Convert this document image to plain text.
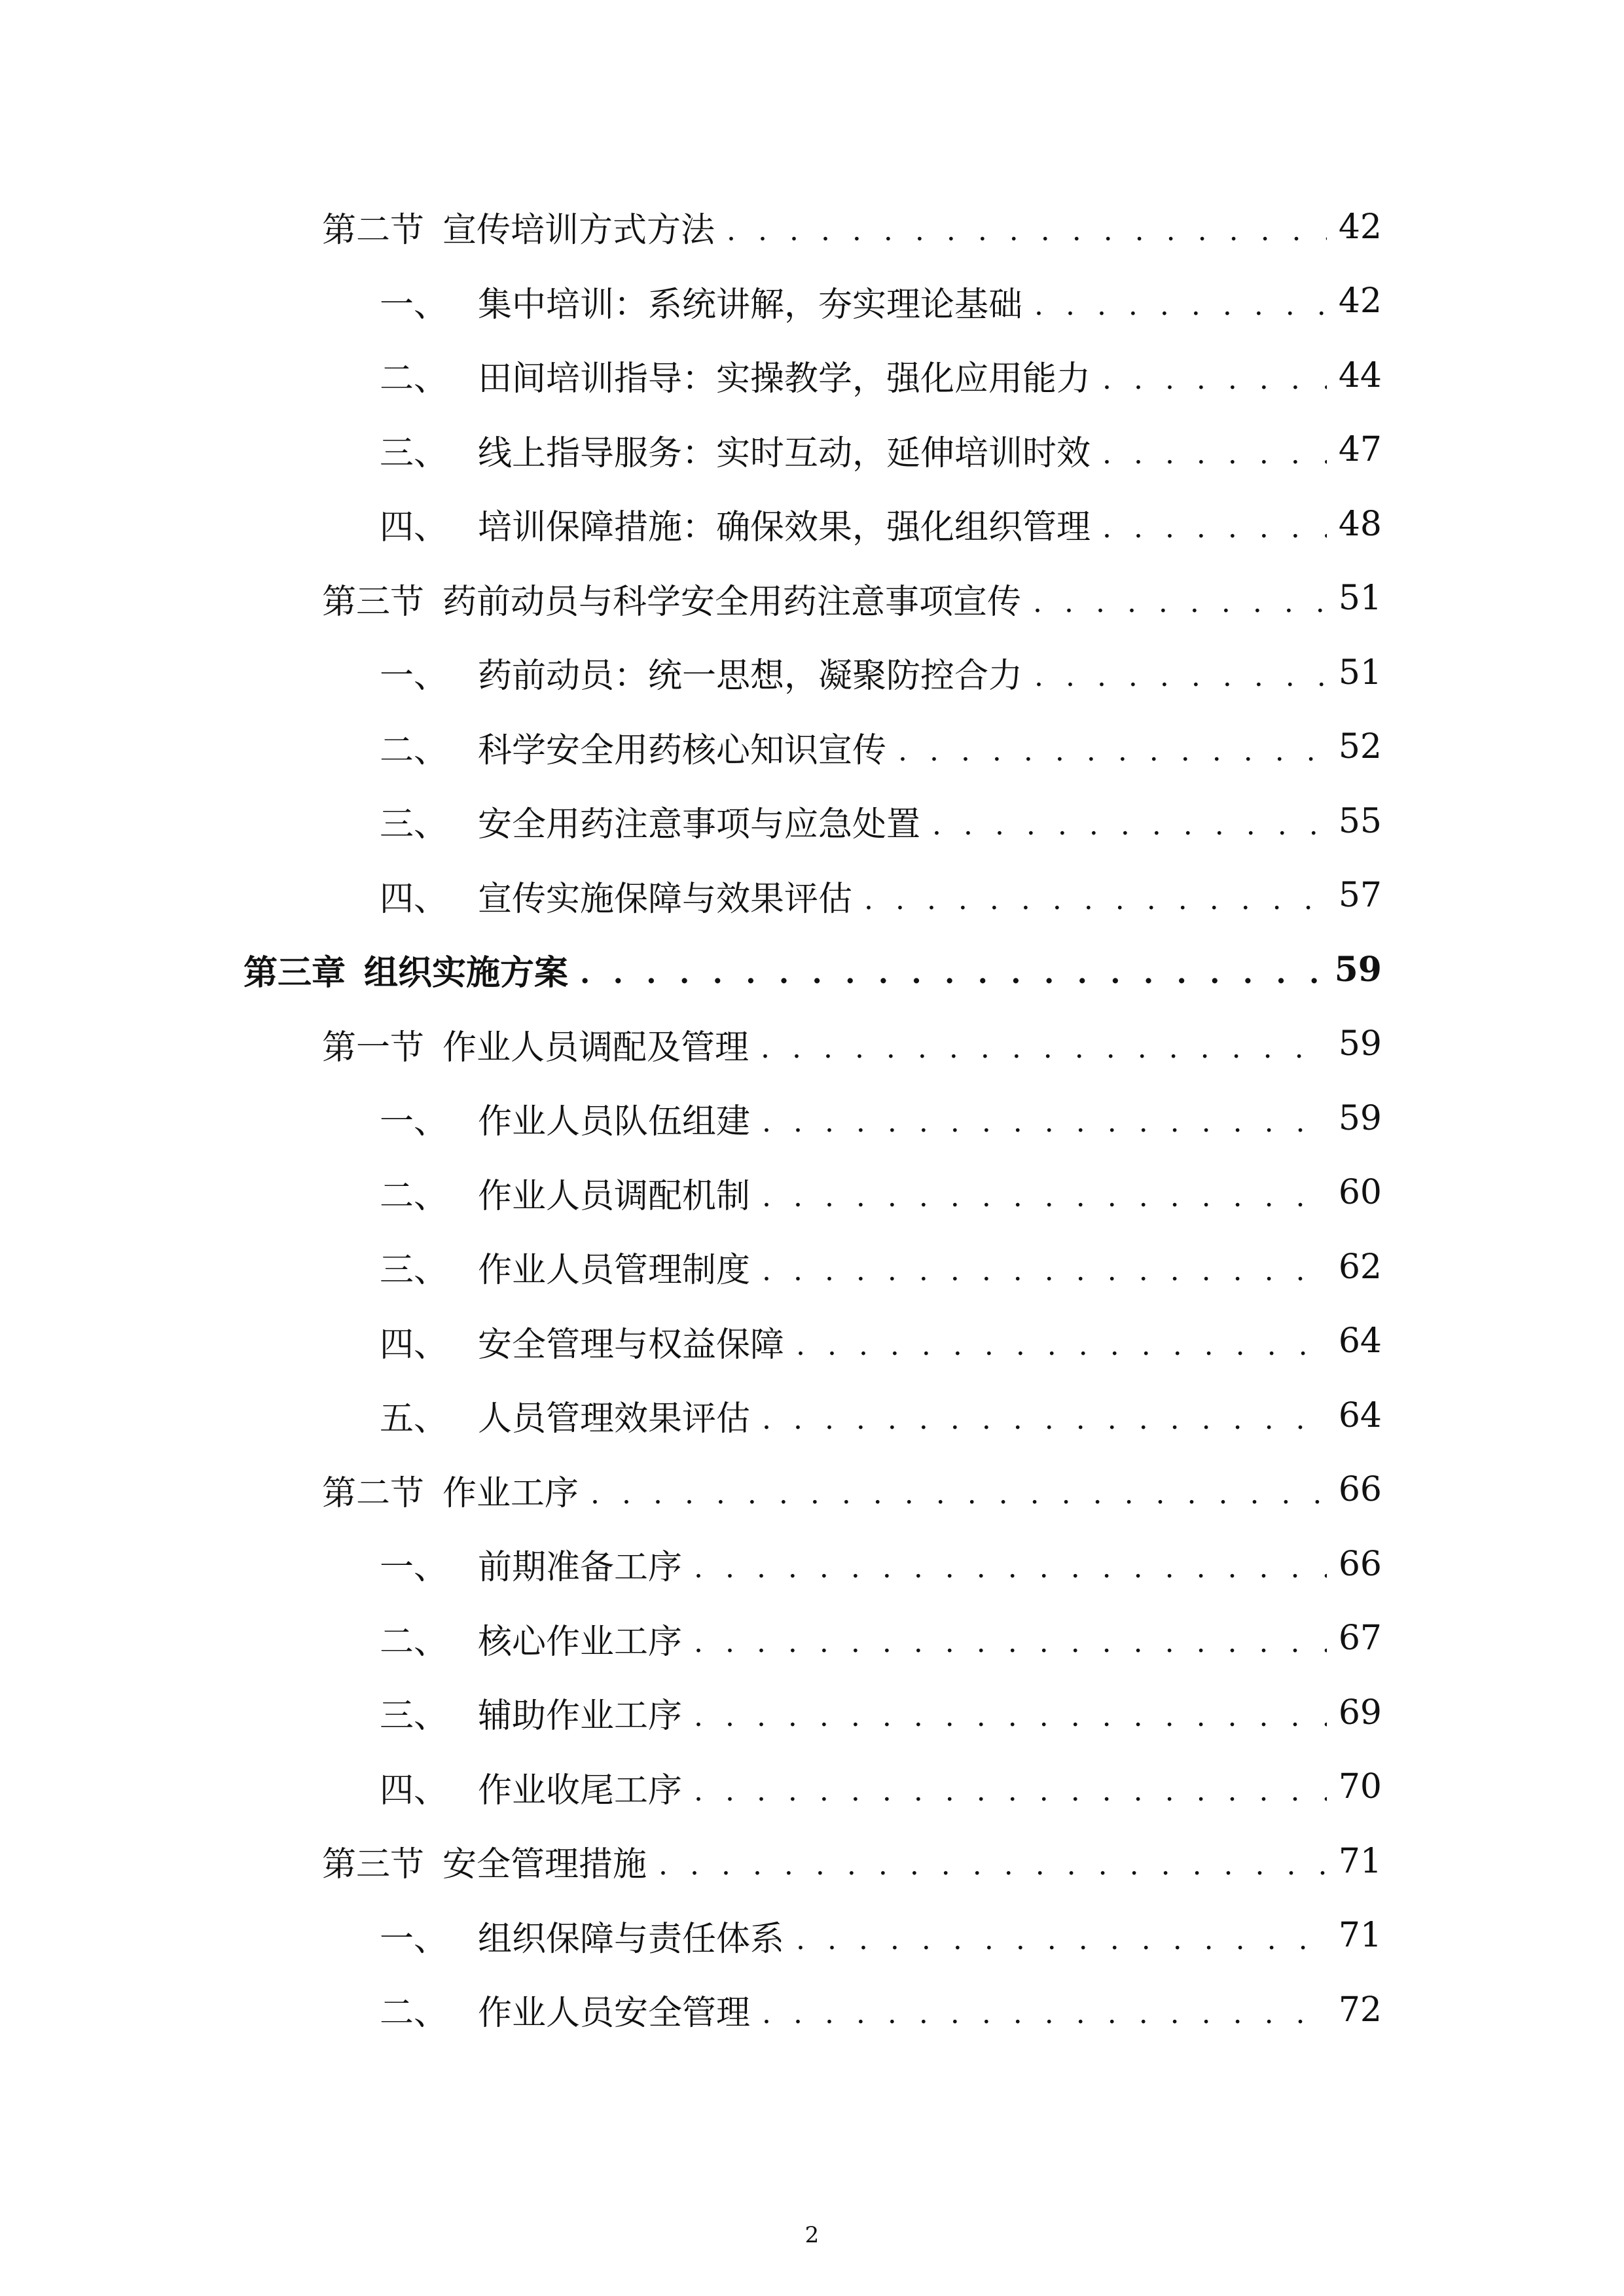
第二节 宣传培训方式方法 . . .	42
一、 集中培训：系统讲解，夯实理论基础 . . .	42
二、 田间培训指导：实操教学，强化应用能力 . . .	44
三、 线上指导服务：实时互动，延伸培训时效 . . .	47
四、 培训保障措施：确保效果，强化组织管理 . . .	48
第三节 药前动员与科学安全用药注意事项宣传 . . .	51
一、 药前动员：统一思想，凝聚防控合力 . . .	51
二、 科学安全用药核心知识宣传 . . .	52
三、 安全用药注意事项与应急处置 . . .	55
四、 宣传实施保障与效果评估 . . .	57
第三章 组织实施方案 . . .	59
第一节 作业人员调配及管理 . . .	59
一、 作业人员队伍组建 . . .	59
二、 作业人员调配机制 . . .	60
三、 作业人员管理制度 . . .	62
四、 安全管理与权益保障 . . .	64
五、 人员管理效果评估 . . .	64
第二节 作业工序 . . .	66
一、 前期准备工序 . . .	66
二、 核心作业工序 . . .	67
三、 辅助作业工序 . . .	69
四、 作业收尾工序 . . .	70
第三节 安全管理措施 . . .	71
一、 组织保障与责任体系 . . .	71
二、 作业人员安全管理 . . .	72
2
